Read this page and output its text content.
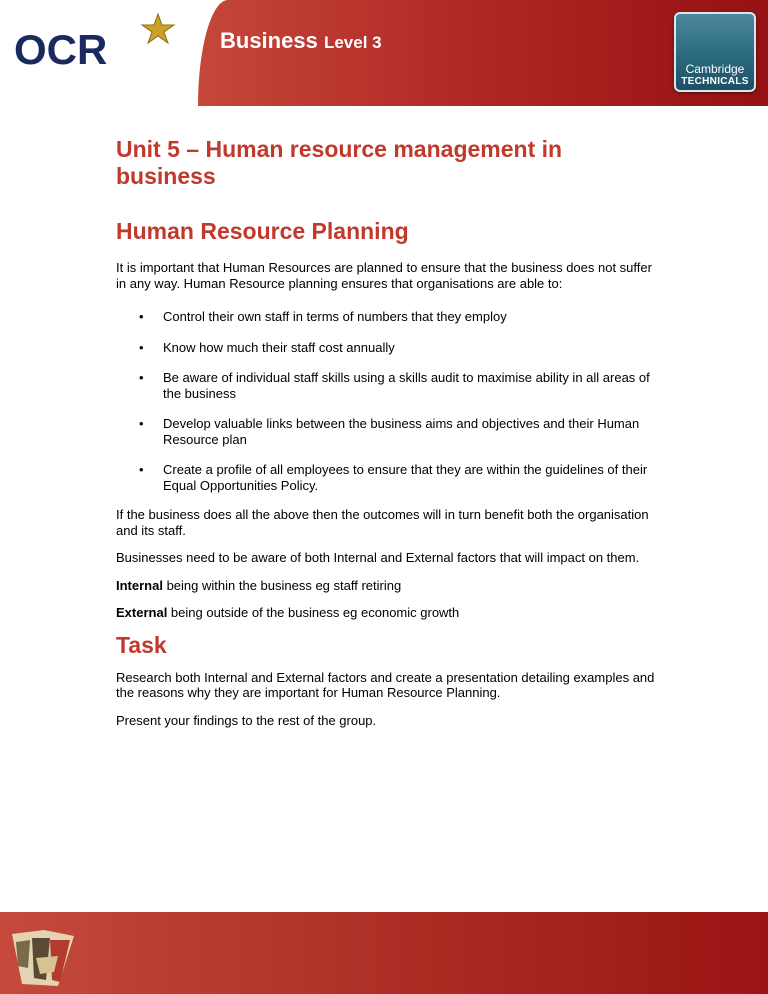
OCR	Business Level 3
Cambridge
TECHNICALS
Unit 5 – Human resource management in business
Human Resource Planning

It is important that Human Resources are planned to ensure that the business does not suffer in any way. Human Resource planning ensures that organisations are able to:

• Control their own staff in terms of numbers that they employ
• Know how much their staff cost annually
• Be aware of individual staff skills using a skills audit to maximise ability in all areas of the business
• Develop valuable links between the business aims and objectives and their Human Resource plan
• Create a profile of all employees to ensure that they are within the guidelines of their Equal Opportunities Policy.

If the business does all the above then the outcomes will in turn benefit both the organisation and its staff.

Businesses need to be aware of both Internal and External factors that will impact on them.

Internal being within the business eg staff retiring

External being outside of the business eg economic growth

Task

Research both Internal and External factors and create a presentation detailing examples and the reasons why they are important for Human Resource Planning.

Present your findings to the rest of the group.
